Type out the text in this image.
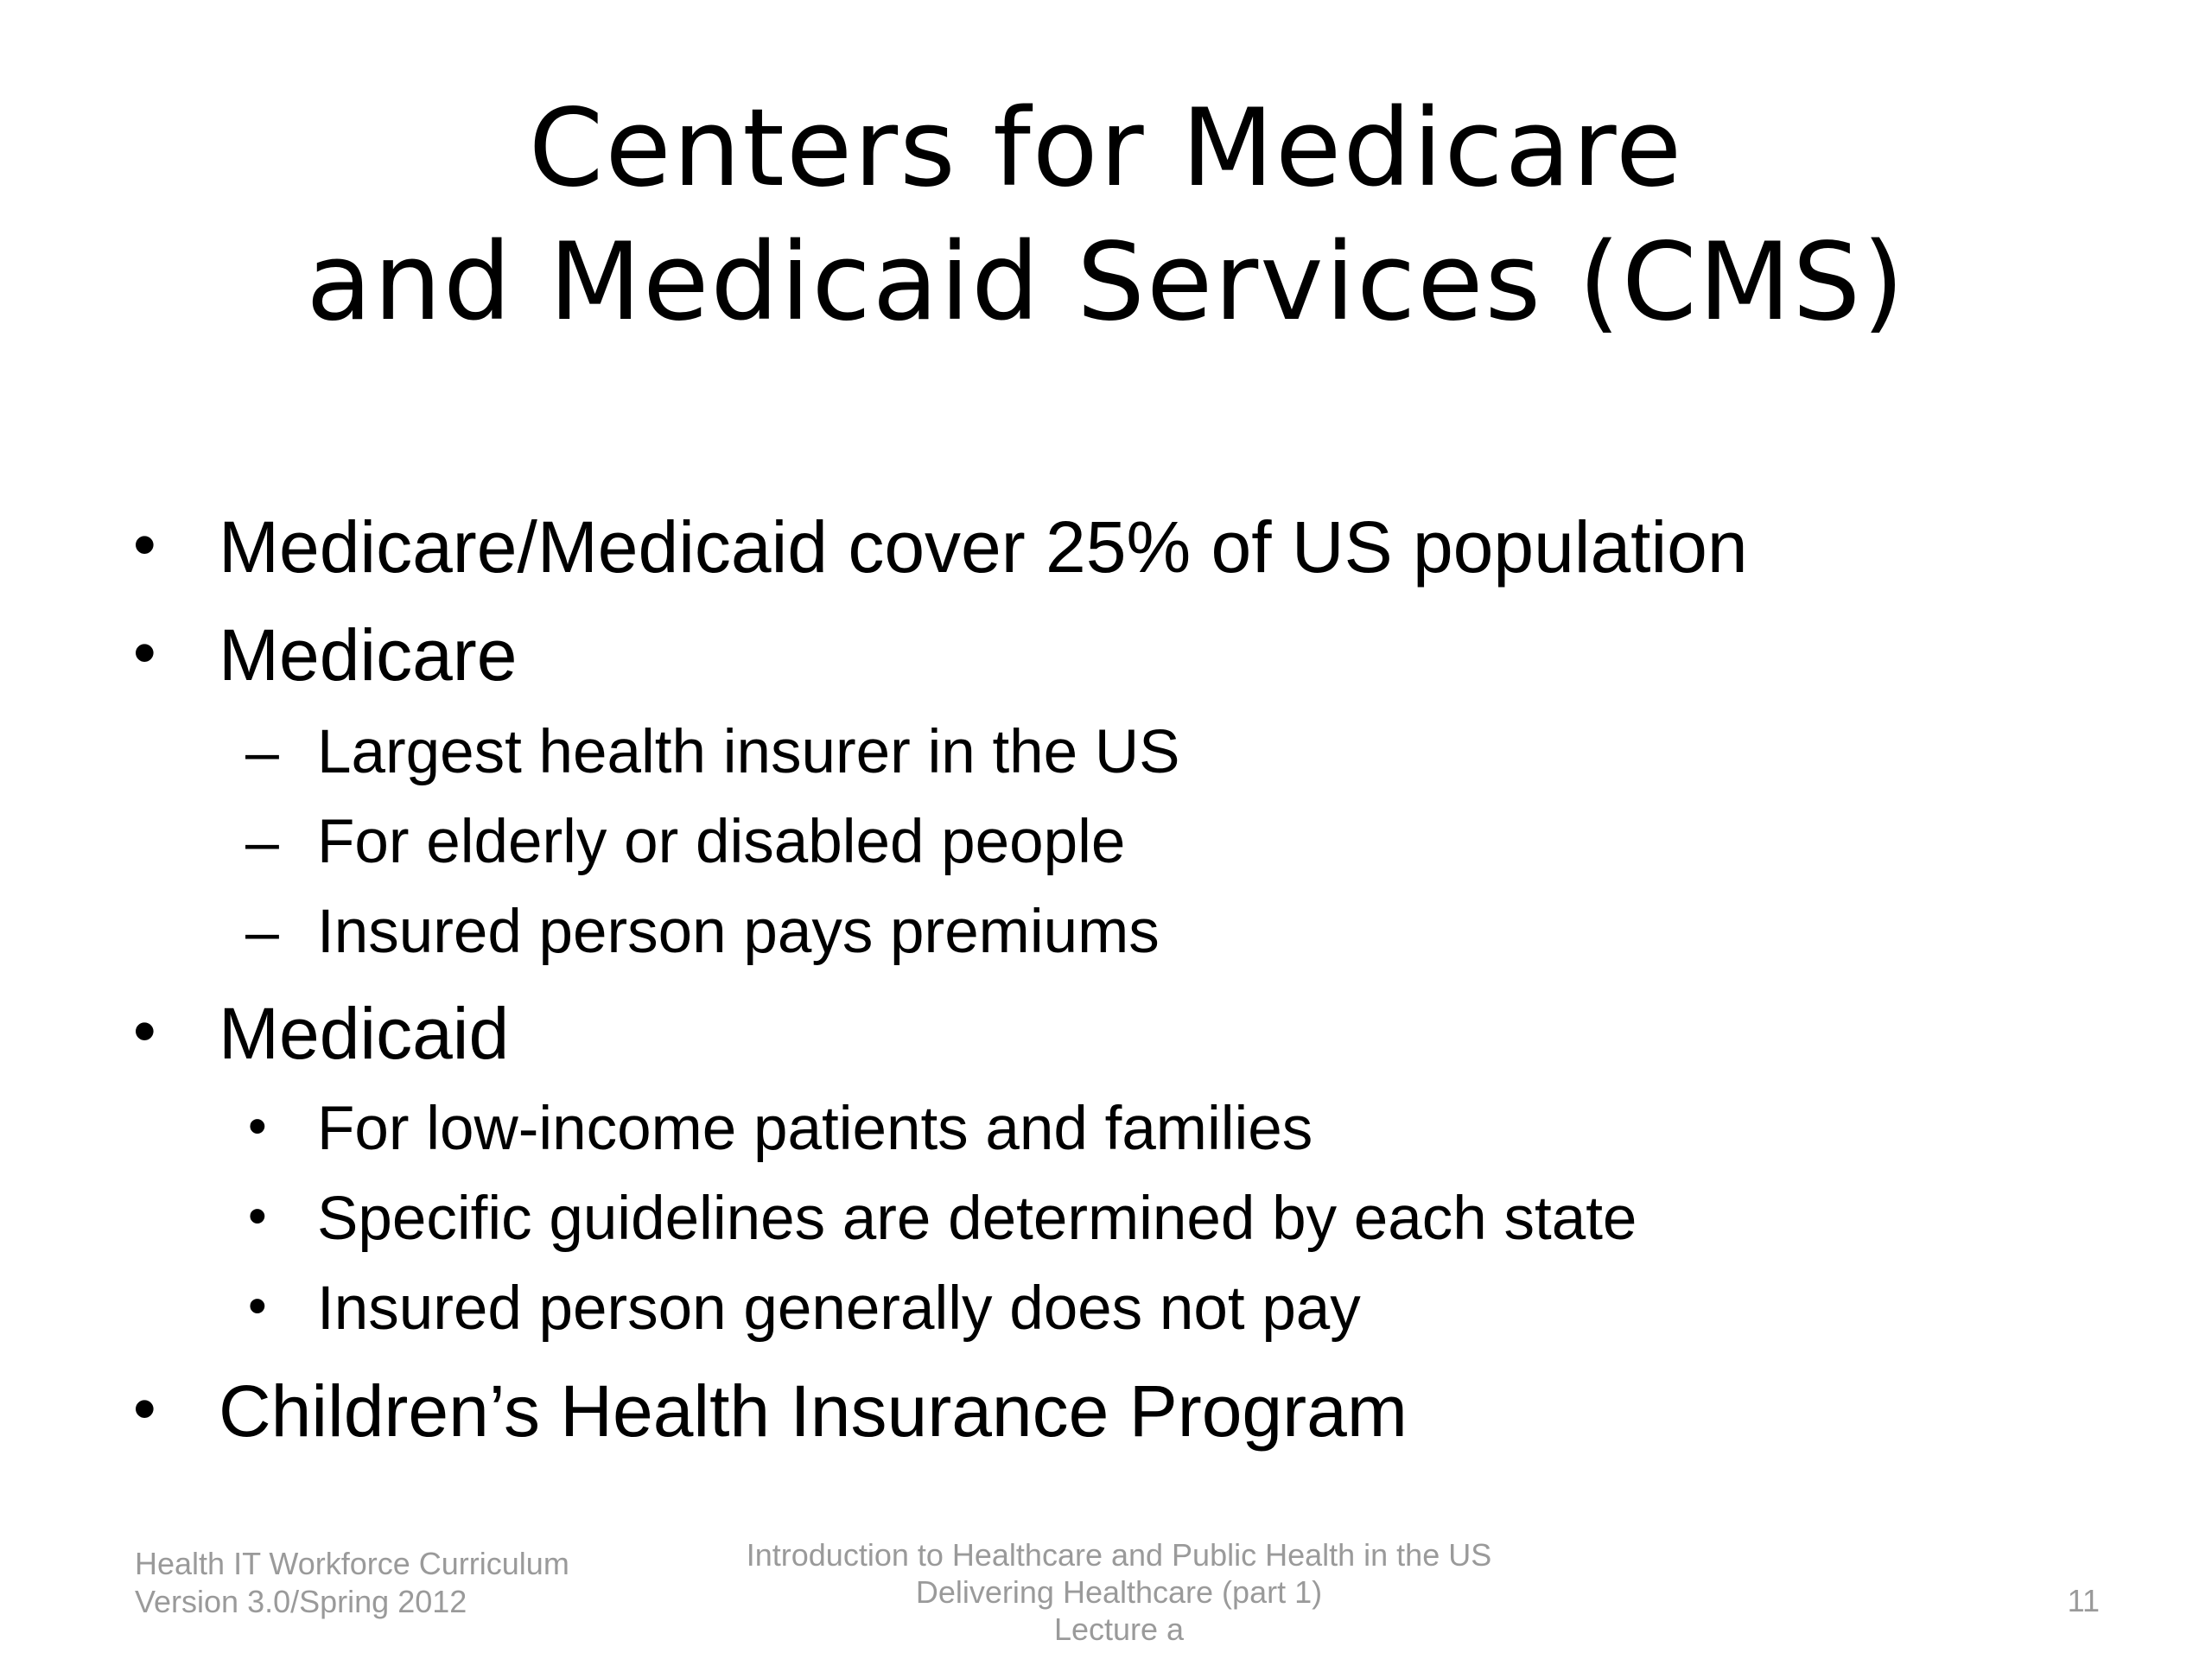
Centers for Medicare
and Medicaid Services (CMS)
• Medicare/Medicaid cover 25% of US population
• Medicare
– Largest health insurer in the US
– For elderly or disabled people
– Insured person pays premiums
• Medicaid
• For low-income patients and families
• Specific guidelines are determined by each state
• Insured person generally does not pay
• Children’s Health Insurance Program
Health IT Workforce Curriculum
Version 3.0/Spring 2012
Introduction to Healthcare and Public Health in the US
Delivering Healthcare (part 1)
Lecture a
11
